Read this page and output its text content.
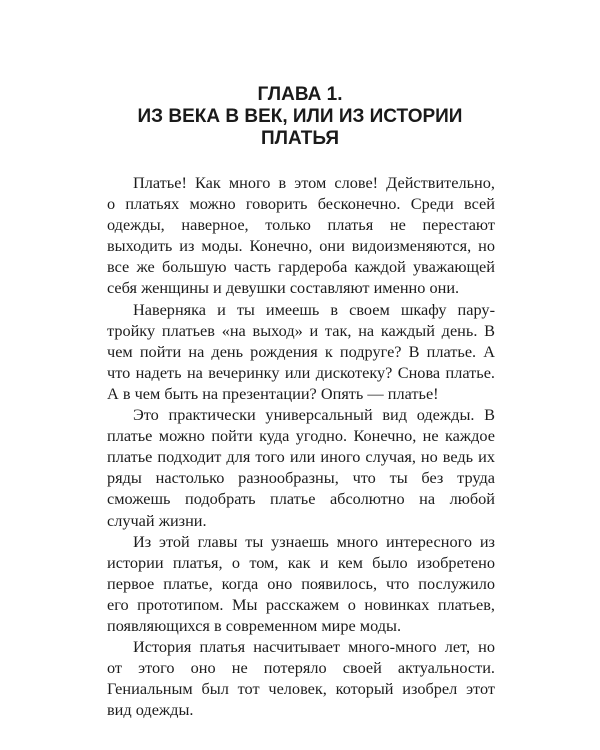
ГЛАВА 1.
ИЗ ВЕКА В ВЕК, ИЛИ ИЗ ИСТОРИИ
ПЛАТЬЯ

Платье! Как много в этом слове! Действительно,
о платьях можно говорить бесконечно. Среди всей
одежды, наверное, только платья не перестают
выходить из моды. Конечно, они видоизменяются, но
все же большую часть гардероба каждой уважающей
себя женщины и девушки составляют именно они.

Наверняка и ты имеешь в своем шкафу пару-
тройку платьев «на выход» и так, на каждый день. В
чем пойти на день рождения к подруге? В платье. А
что надеть на вечеринку или дискотеку? Снова платье.
А в чем быть на презентации? Опять — платье!

Это практически универсальный вид одежды. В
платье можно пойти куда угодно. Конечно, не каждое
платье подходит для того или иного случая, но ведь их
ряды настолько разнообразны, что ты без труда
сможешь подобрать платье абсолютно на любой
случай жизни.

Из этой главы ты узнаешь много интересного из
истории платья, о том, как и кем было изобретено
первое платье, когда оно появилось, что послужило
его прототипом. Мы расскажем о новинках платьев,
появляющихся в современном мире моды.

История платья насчитывает много-много лет, но
от этого оно не потеряло своей актуальности.
Гениальным был тот человек, который изобрел этот
вид одежды.
